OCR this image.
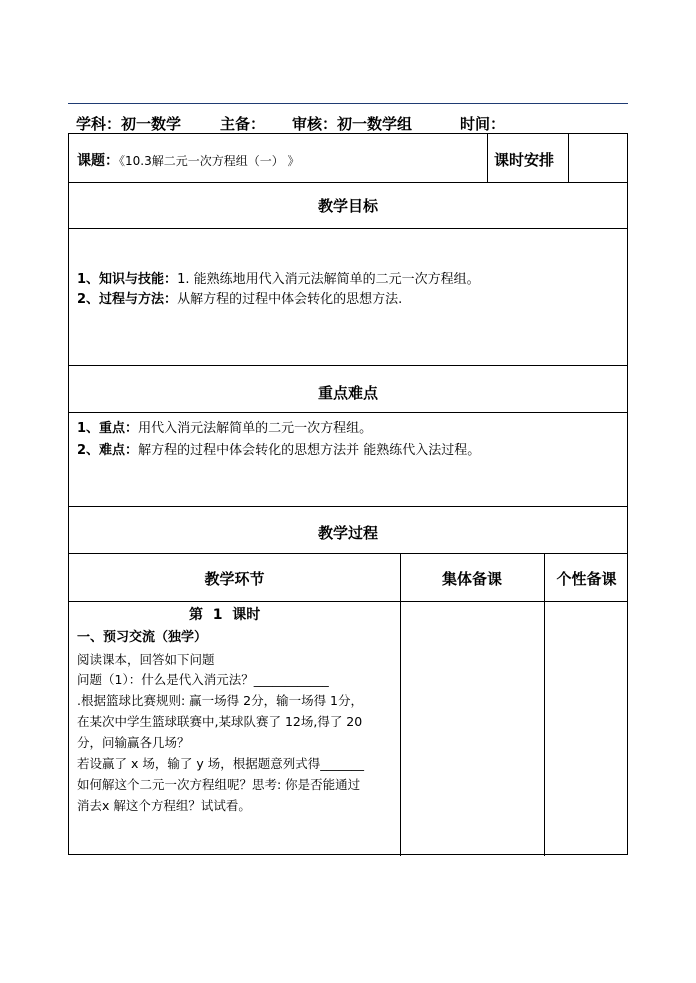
学科：初一数学	主备： 审核：初一数学组	时间：
课题：《10.3解二元一次方程组（一） 》	课时安排
教学目标
1、知识与技能：1. 能熟练地用代入消元法解简单的二元一次方程组。
2、过程与方法：从解方程的过程中体会转化的思想方法.
重点难点
1、重点：用代入消元法解简单的二元一次方程组。
2、难点：解方程的过程中体会转化的思想方法并 能熟练代入法过程。
教学过程
教学环节	集体备课	个性备课
第  1  课时
一、预习交流（独学）
阅读课本，回答如下问题
问题（1）：什么是代入消元法？____________
.根据篮球比赛规则: 赢一场得 2分，输一场得 1分，
在某次中学生篮球联赛中,某球队赛了 12场,得了 20
分，问输赢各几场？
若设赢了 x 场，输了 y 场，根据题意列式得_______
如何解这个二元一次方程组呢？思考: 你是否能通过
消去x 解这个方程组？试试看。
